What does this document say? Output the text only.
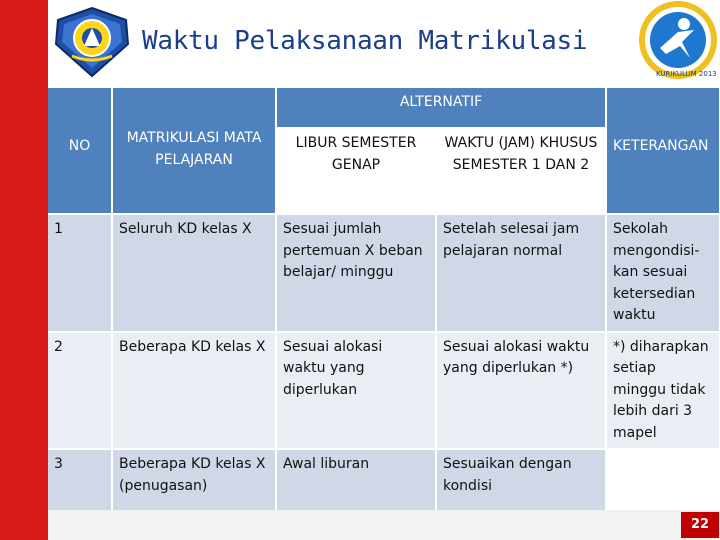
Waktu Pelaksanaan Matrikulasi
KURIKULUM 2013
NO	MATRIKULASI MATA PELAJARAN	ALTERNATIF		KETERANGAN
		LIBUR SEMESTER GENAP	WAKTU (JAM) KHUSUS SEMESTER 1 DAN 2	
1	Seluruh KD kelas X	Sesuai jumlah pertemuan X beban belajar/ minggu	Setelah selesai jam pelajaran normal	Sekolah mengondisi-kan sesuai ketersedian waktu
2	Beberapa KD kelas X	Sesuai alokasi waktu yang diperlukan	Sesuai alokasi waktu yang diperlukan *)	*) diharapkan setiap minggu tidak lebih dari 3 mapel
3	Beberapa KD kelas X (penugasan)	Awal liburan	Sesuaikan dengan kondisi	
22
